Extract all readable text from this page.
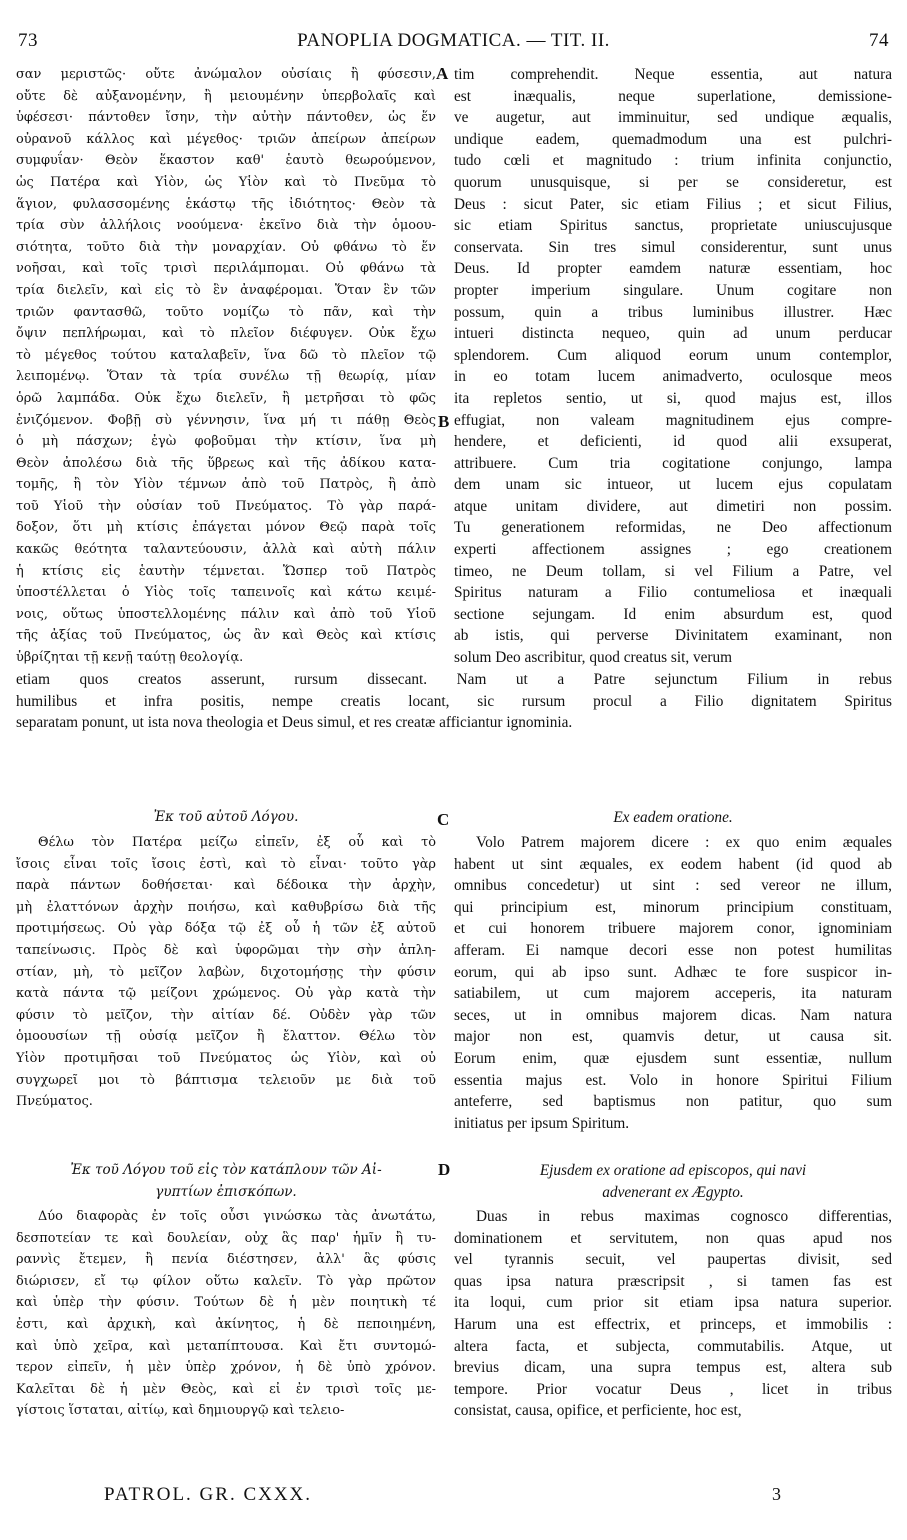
73	PANOPLIA DOGMATICA. — TIT. II.	74
σαν μεριστῶς· οὔτε ἀνώμαλον οὐσίαις ἢ φύσεσιν,
οὔτε δὲ αὐξανομένην, ἢ μειουμένην ὑπερβολαῖς καὶ
ὑφέσεσι· πάντοθεν ἴσην, τὴν αὐτὴν πάντοθεν, ὡς ἕν
οὐρανοῦ κάλλος καὶ μέγεθος· τριῶν ἀπείρων ἀπείρων
συμφυΐαν· Θεὸν ἕκαστον καθ' ἑαυτὸ θεωρούμενον,
ὡς Πατέρα καὶ Υἱὸν, ὡς Υἱὸν καὶ τὸ Πνεῦμα τὸ
ἅγιον, φυλασσομένης ἑκάστῳ τῆς ἰδιότητος· Θεὸν τὰ
τρία σὺν ἀλλήλοις νοούμενα· ἐκεῖνο διὰ τὴν ὁμοου-
σιότητα, τοῦτο διὰ τὴν μοναρχίαν. Οὐ φθάνω τὸ ἕν
νοῆσαι, καὶ τοῖς τρισὶ περιλάμπομαι. Οὐ φθάνω τὰ
τρία διελεῖν, καὶ εἰς τὸ ἓν ἀναφέρομαι. Ὅταν ἓν τῶν
τριῶν φαντασθῶ, τοῦτο νομίζω τὸ πᾶν, καὶ τὴν
ὄψιν πεπλήρωμαι, καὶ τὸ πλεῖον διέφυγεν. Οὐκ ἔχω
τὸ μέγεθος τούτου καταλαβεῖν, ἵνα δῶ τὸ πλεῖον τῷ
λειπομένῳ. Ὅταν τὰ τρία συνέλω τῇ θεωρίᾳ, μίαν
ὁρῶ λαμπάδα. Οὐκ ἔχω διελεῖν, ἢ μετρῆσαι τὸ φῶς
ἑνιζόμενον. Φοβῇ σὺ γέννησιν, ἵνα μή τι πάθῃ Θεὸς
ὁ μὴ πάσχων; ἐγὼ φοβοῦμαι τὴν κτίσιν, ἵνα μὴ
Θεὸν ἀπολέσω διὰ τῆς ὕβρεως καὶ τῆς ἀδίκου κατα-
τομῆς, ἢ τὸν Υἱὸν τέμνων ἀπὸ τοῦ Πατρὸς, ἢ ἀπὸ
τοῦ Υἱοῦ τὴν οὐσίαν τοῦ Πνεύματος. Τὸ γὰρ παρά-
δοξον, ὅτι μὴ κτίσις ἐπάγεται μόνον Θεῷ παρὰ τοῖς
κακῶς θεότητα ταλαντεύουσιν, ἀλλὰ καὶ αὐτὴ πάλιν
ἡ κτίσις εἰς ἑαυτὴν τέμνεται. Ὥσπερ τοῦ Πατρὸς
ὑποστέλλεται ὁ Υἱὸς τοῖς ταπεινοῖς καὶ κάτω κειμέ-
νοις, οὕτως ὑποστελλομένης πάλιν καὶ ἀπὸ τοῦ Υἱοῦ
τῆς ἀξίας τοῦ Πνεύματος, ὡς ἂν καὶ Θεὸς καὶ κτίσις
ὑβρίζηται τῇ κενῇ ταύτῃ θεολογίᾳ.
tim comprehendit. Neque essentia, aut natura
est inæqualis, neque superlatione, demissione-
ve augetur, aut imminuitur, sed undique æqualis,
undique eadem, quemadmodum una est pulchri-
tudo cœli et magnitudo : trium infinita conjunctio,
quorum unusquisque, si per se consideretur, est
Deus : sicut Pater, sic etiam Filius ; et sicut Filius,
sic etiam Spiritus sanctus, proprietate uniuscujusque
conservata. Sin tres simul considerentur, sunt unus
Deus. Id propter eamdem naturæ essentiam, hoc
propter imperium singulare. Unum cogitare non
possum, quin a tribus luminibus illustrer. Hæc
intueri distincta nequeo, quin ad unum perducar
splendorem. Cum aliquod eorum unum contemplor,
in eo totam lucem animadverto, oculosque meos
ita repletos sentio, ut si, quod majus est, illos
effugiat, non valeam magnitudinem ejus compre-
hendere, et deficienti, id quod alii exsuperat,
attribuere. Cum tria cogitatione conjungo, lampa
dem unam sic intueor, ut lucem ejus copulatam
atque unitam dividere, aut dimetiri non possim.
Tu generationem reformidas, ne Deo affectionum
experti affectionem assignes ; ego creationem
timeo, ne Deum tollam, si vel Filium a Patre, vel
Spiritus naturam a Filio contumeliosa et inæquali
sectione sejungam. Id enim absurdum est, quod
ab istis, qui perverse Divinitatem examinant, non
solum Deo ascribitur, quod creatus sit, verum
etiam quos creatos asserunt, rursum dissecant. Nam ut a Patre sejunctum Filium in rebus
humilibus et infra positis, nempe creatis locant, sic rursum procul a Filio dignitatem Spiritus
separatam ponunt, ut ista nova theologia et Deus simul, et res creatæ afficiantur ignominia.
A
B
C
D
Ἐκ τοῦ αὐτοῦ Λόγου.	Ex eadem oratione.
Θέλω τὸν Πατέρα μείζω εἰπεῖν, ἐξ οὗ καὶ τὸ
ἴσοις εἶναι τοῖς ἴσοις ἐστὶ, καὶ τὸ εἶναι· τοῦτο γὰρ
παρὰ πάντων δοθήσεται· καὶ δέδοικα τὴν ἀρχὴν,
μὴ ἐλαττόνων ἀρχὴν ποιήσω, καὶ καθυβρίσω διὰ τῆς
προτιμήσεως. Οὐ γὰρ δόξα τῷ ἐξ οὗ ἡ τῶν ἐξ αὐτοῦ
ταπείνωσις. Πρὸς δὲ καὶ ὑφορῶμαι τὴν σὴν ἀπλη-
στίαν, μὴ, τὸ μεῖζον λαβὼν, διχοτομήσῃς τὴν φύσιν
κατὰ πάντα τῷ μείζονι χρώμενος. Οὐ γὰρ κατὰ τὴν
φύσιν τὸ μεῖζον, τὴν αἰτίαν δέ. Οὐδὲν γὰρ τῶν
ὁμοουσίων τῇ οὐσίᾳ μεῖζον ἢ ἔλαττον. Θέλω τὸν
Υἱὸν προτιμῆσαι τοῦ Πνεύματος ὡς Υἱὸν, καὶ οὐ
συγχωρεῖ μοι τὸ βάπτισμα τελειοῦν με διὰ τοῦ
Πνεύματος.
Volo Patrem majorem dicere : ex quo enim æquales
habent ut sint æquales, ex eodem habent (id quod ab
omnibus concedetur) ut sint : sed vereor ne illum,
qui principium est, minorum principium constituam,
et cui honorem tribuere majorem conor, ignominiam
afferam. Ei namque decori esse non potest humilitas
eorum, qui ab ipso sunt. Adhæc te fore suspicor in-
satiabilem, ut cum majorem acceperis, ita naturam
seces, ut in omnibus majorem dicas. Nam natura
major non est, quamvis detur, ut causa sit.
Eorum enim, quæ ejusdem sunt essentiæ, nullum
essentia majus est. Volo in honore Spiritui Filium
anteferre, sed baptismus non patitur, quo sum
initiatus per ipsum Spiritum.
Ἐκ τοῦ Λόγου τοῦ εἰς τὸν κατάπλουν τῶν Αἰ-
γυπτίων ἐπισκόπων.
Ejusdem ex oratione ad episcopos, qui navi
advenerant ex Ægypto.
Δύο διαφορὰς ἐν τοῖς οὖσι γινώσκω τὰς ἀνωτάτω,
δεσποτείαν τε καὶ δουλείαν, οὐχ ἃς παρ' ἡμῖν ἢ τυ-
ραννὶς ἔτεμεν, ἢ πενία διέστησεν, ἀλλ' ἃς φύσις
διώρισεν, εἴ τῳ φίλον οὕτω καλεῖν. Τὸ γὰρ πρῶτον
καὶ ὑπὲρ τὴν φύσιν. Τούτων δὲ ἡ μὲν ποιητικὴ τέ
ἐστι, καὶ ἀρχικὴ, καὶ ἀκίνητος, ἡ δὲ πεποιημένη,
καὶ ὑπὸ χεῖρα, καὶ μεταπίπτουσα. Καὶ ἔτι συντομώ-
τερον εἰπεῖν, ἡ μὲν ὑπὲρ χρόνον, ἡ δὲ ὑπὸ χρόνον.
Καλεῖται δὲ ἡ μὲν Θεὸς, καὶ εἰ ἐν τρισὶ τοῖς με-
γίστοις ἵσταται, αἰτίῳ, καὶ δημιουργῷ καὶ τελειο-
Duas in rebus maximas cognosco differentias,
dominationem et servitutem, non quas apud nos
vel tyrannis secuit, vel paupertas divisit, sed
quas ipsa natura præscripsit , si tamen fas est
ita loqui, cum prior sit etiam ipsa natura superior.
Harum una est effectrix, et princeps, et immobilis :
altera facta, et subjecta, commutabilis. Atque, ut
brevius dicam, una supra tempus est, altera sub
tempore. Prior vocatur Deus , licet in tribus
consistat, causa, opifice, et perficiente, hoc est,
PATROL. GR. CXXX.	3
